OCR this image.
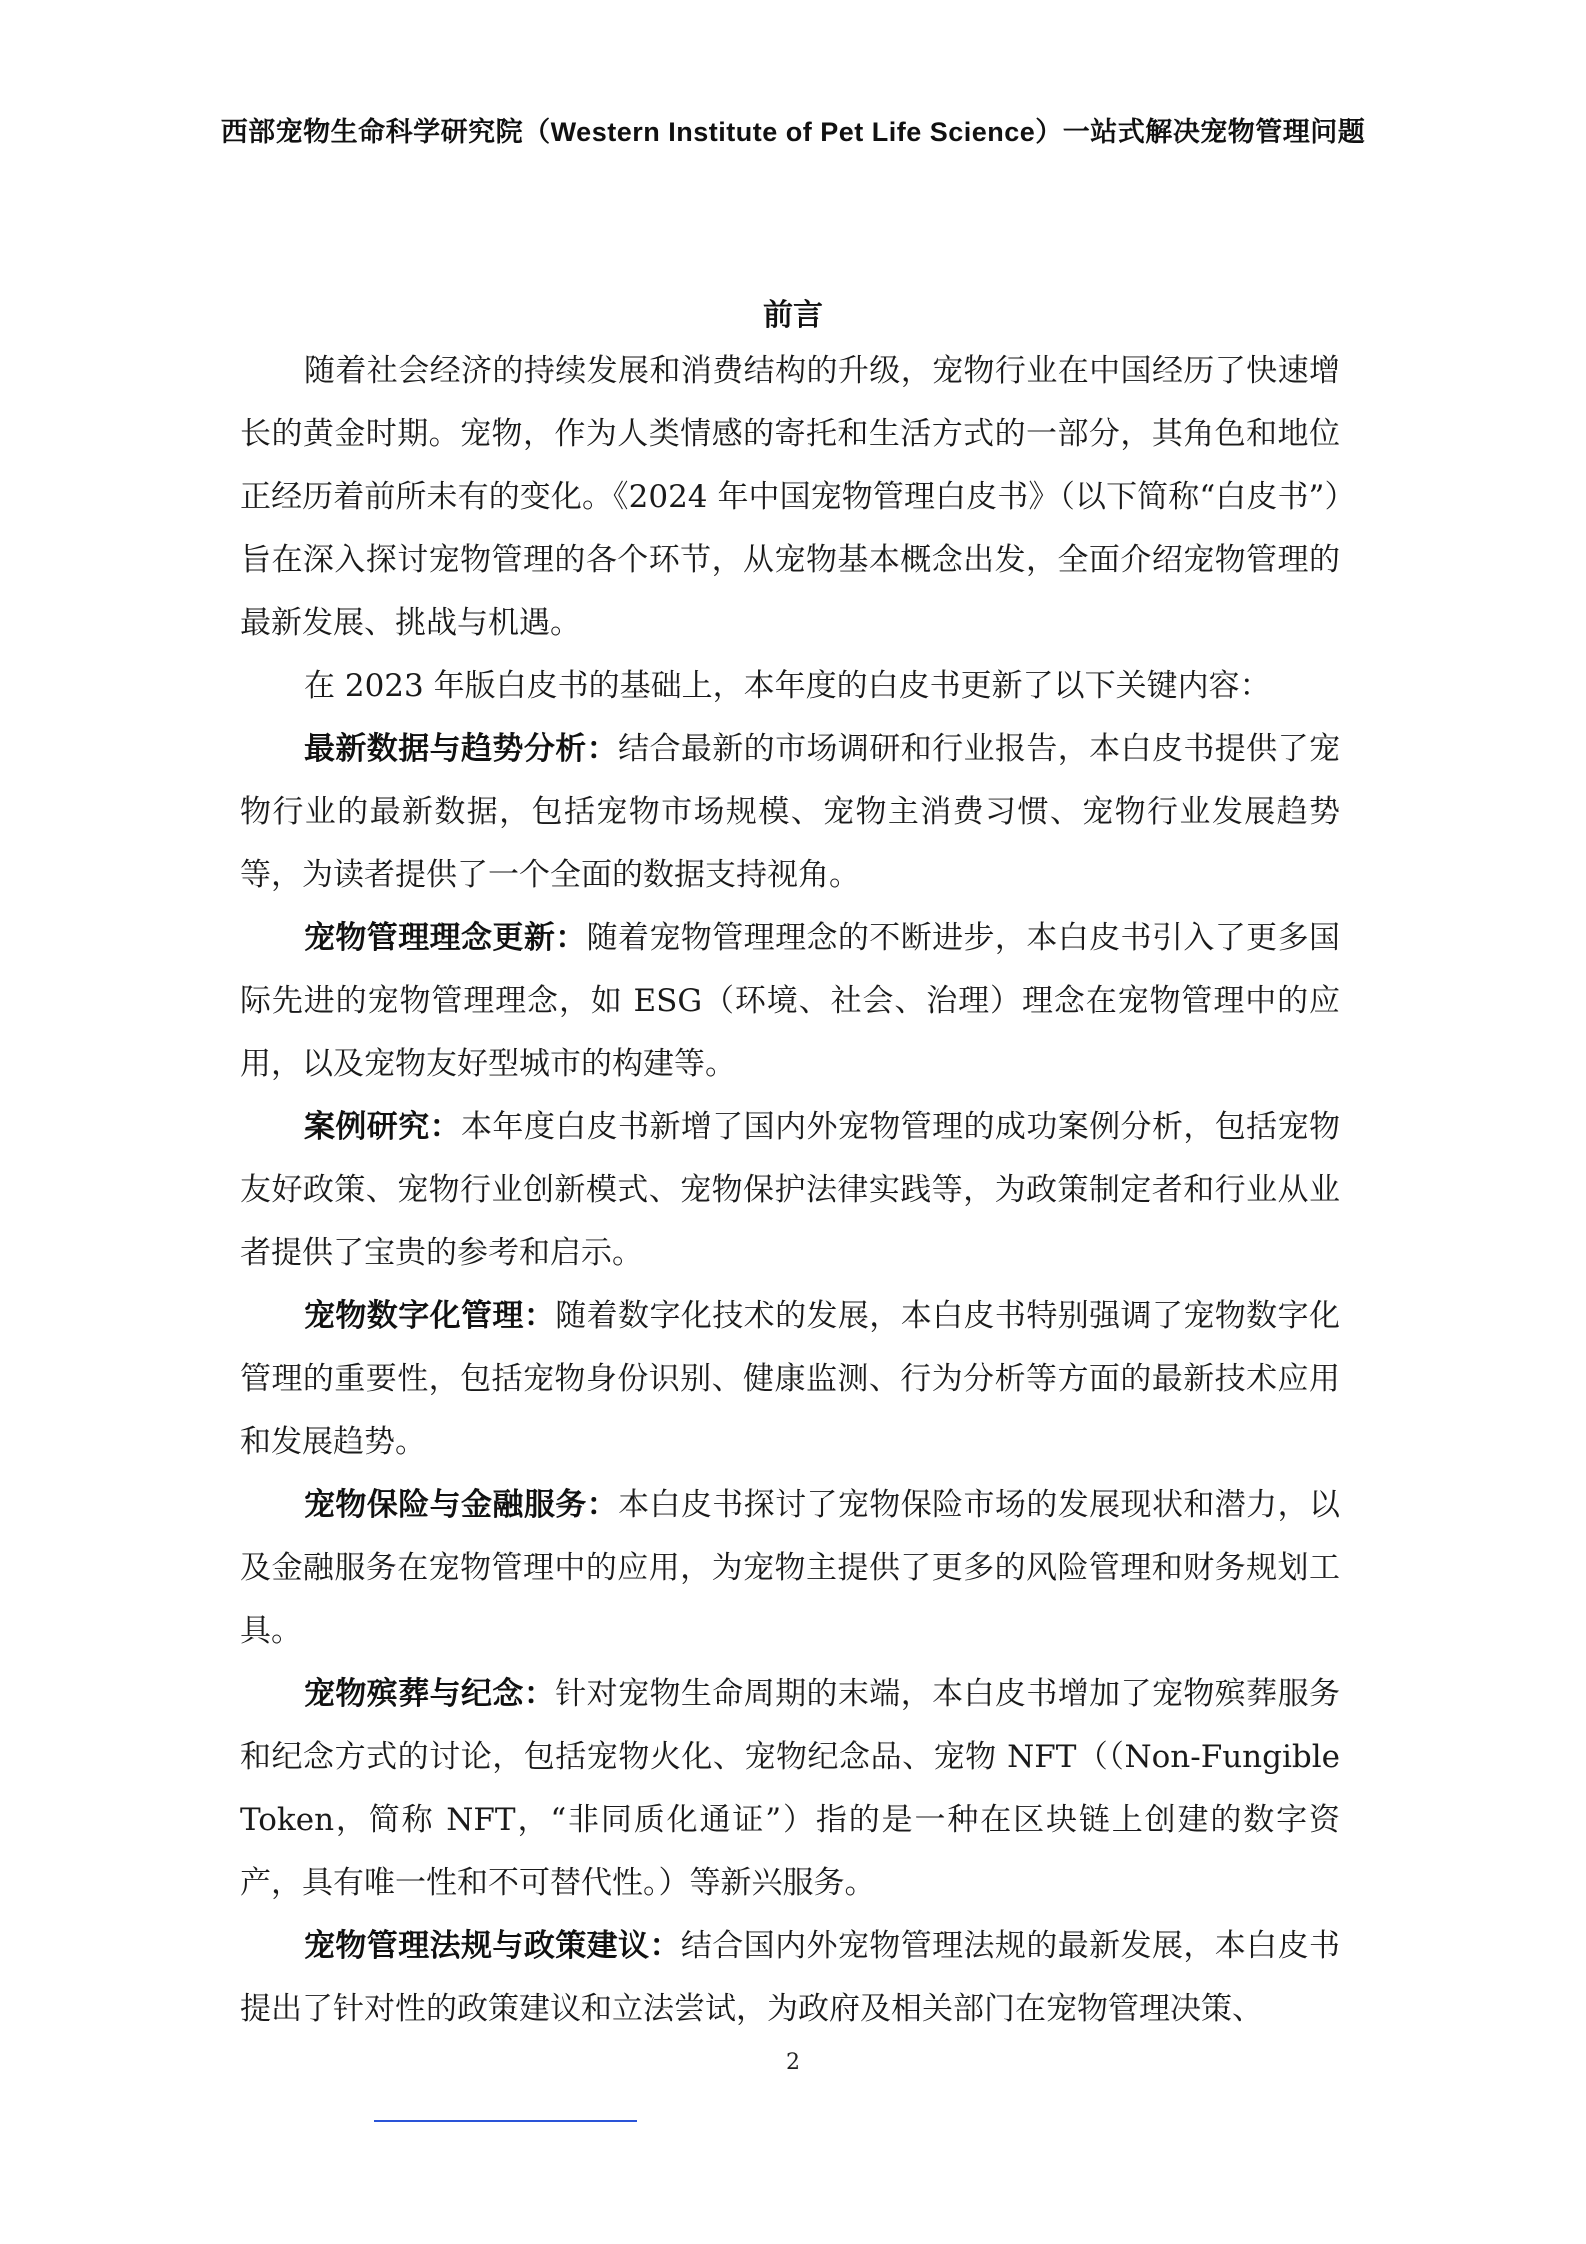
西部宠物生命科学研究院（Western Institute of Pet Life Science）一站式解决宠物管理问题
前言

随着社会经济的持续发展和消费结构的升级，宠物行业在中国经历了快速增长的黄金时期。宠物，作为人类情感的寄托和生活方式的一部分，其角色和地位正经历着前所未有的变化。《2024 年中国宠物管理白皮书》（以下简称“白皮书”）旨在深入探讨宠物管理的各个环节，从宠物基本概念出发，全面介绍宠物管理的最新发展、挑战与机遇。

在 2023 年版白皮书的基础上，本年度的白皮书更新了以下关键内容：

最新数据与趋势分析：结合最新的市场调研和行业报告，本白皮书提供了宠物行业的最新数据，包括宠物市场规模、宠物主消费习惯、宠物行业发展趋势等，为读者提供了一个全面的数据支持视角。

宠物管理理念更新：随着宠物管理理念的不断进步，本白皮书引入了更多国际先进的宠物管理理念，如 ESG（环境、社会、治理）理念在宠物管理中的应用，以及宠物友好型城市的构建等。

案例研究：本年度白皮书新增了国内外宠物管理的成功案例分析，包括宠物友好政策、宠物行业创新模式、宠物保护法律实践等，为政策制定者和行业从业者提供了宝贵的参考和启示。

宠物数字化管理：随着数字化技术的发展，本白皮书特别强调了宠物数字化管理的重要性，包括宠物身份识别、健康监测、行为分析等方面的最新技术应用和发展趋势。

宠物保险与金融服务：本白皮书探讨了宠物保险市场的发展现状和潜力，以及金融服务在宠物管理中的应用，为宠物主提供了更多的风险管理和财务规划工具。

宠物殡葬与纪念：针对宠物生命周期的末端，本白皮书增加了宠物殡葬服务和纪念方式的讨论，包括宠物火化、宠物纪念品、宠物 NFT（（Non-Fungible Token，简称 NFT，“非同质化通证”）指的是一种在区块链上创建的数字资产，具有唯一性和不可替代性。）等新兴服务。

宠物管理法规与政策建议：结合国内外宠物管理法规的最新发展，本白皮书提出了针对性的政策建议和立法尝试，为政府及相关部门在宠物管理决策、

2
